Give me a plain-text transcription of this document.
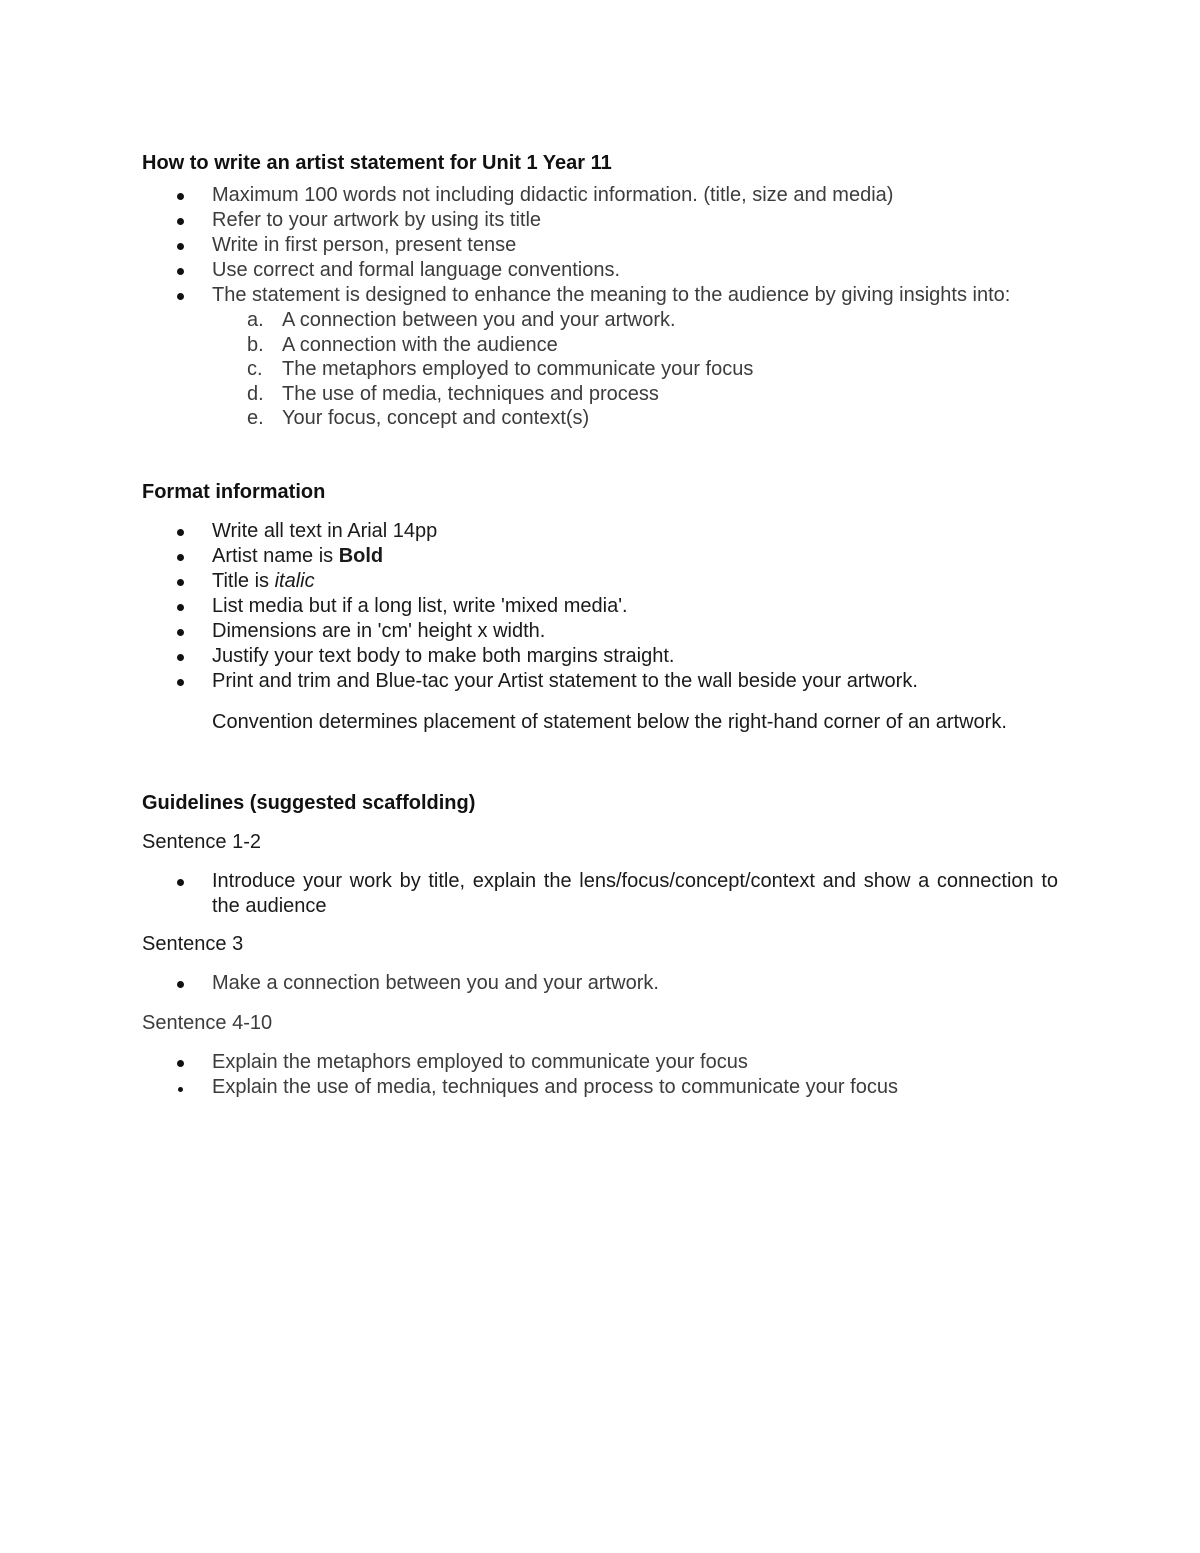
How to write an artist statement for Unit 1 Year 11

Maximum 100 words not including didactic information. (title, size and media)
Refer to your artwork by using its title
Write in first person, present tense
Use correct and formal language conventions.
The statement is designed to enhance the meaning to the audience by giving insights into:
a. A connection between you and your artwork.
b. A connection with the audience
c. The metaphors employed to communicate your focus
d. The use of media, techniques and process
e. Your focus, concept and context(s)

Format information

Write all text in Arial 14pp
Artist name is Bold
Title is italic
List media but if a long list, write 'mixed media'.
Dimensions are in 'cm' height x width.
Justify your text body to make both margins straight.
Print and trim and Blue-tac your Artist statement to the wall beside your artwork.

Convention determines placement of statement below the right-hand corner of an artwork.

Guidelines (suggested scaffolding)

Sentence 1-2

Introduce your work by title, explain the lens/focus/concept/context and show a connection to the audience

Sentence 3

Make a connection between you and your artwork.

Sentence 4-10

Explain the metaphors employed to communicate your focus
Explain the use of media, techniques and process to communicate your focus
